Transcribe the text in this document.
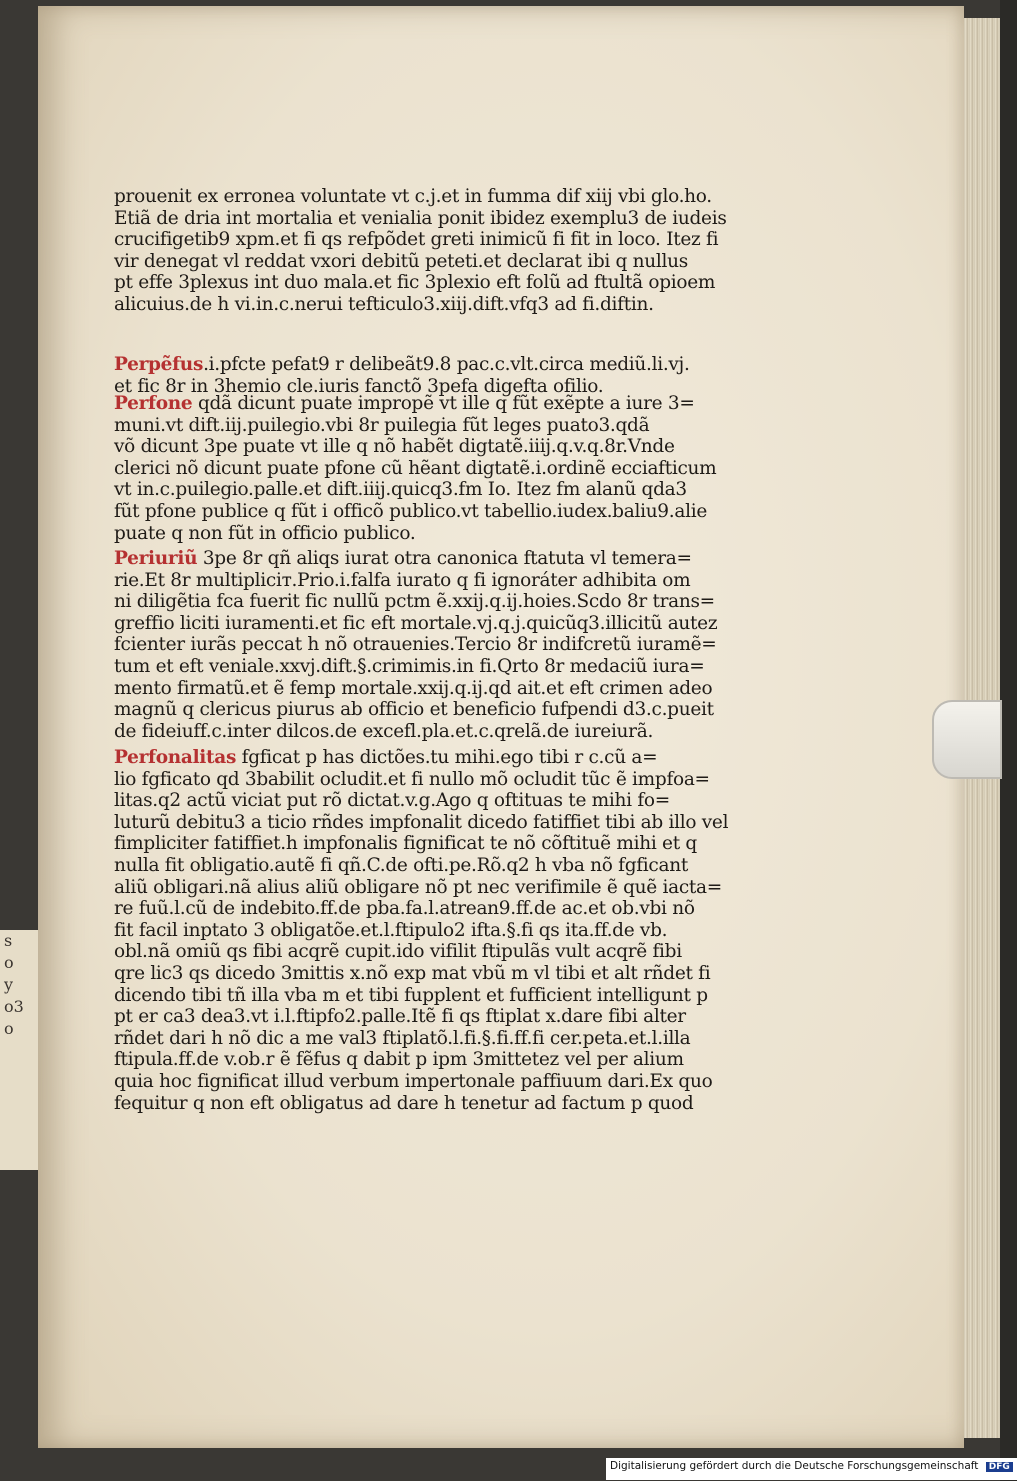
s
o
y
o3
o
prouenit ex erronea voluntate vt c.j.et in fumma dif xiij vbi glo.ho.
Etiã de dria int mortalia et venialia ponit ibidez exemplu3 de iudeis
crucifigetib9 xpm.et fi qs refpõdet greti inimicũ fi fit in loco. Itez fi
vir denegat vl reddat vxori debitũ peteti.et declarat ibi q nullus
pt effe 3plexus int duo mala.et fic 3plexio eft folũ ad ftultã opioem
alicuius.de h vi.in.c.nerui tefticulo3.xiij.dift.vfq3 ad fi.diftin.
Perpẽfus.i.pfcte pefat9 r delibeãt9.8 pac.c.vlt.circa mediũ.li.vj.
et fic 8r in 3hemio cle.iuris fanctõ 3pefa digefta ofilio.
Perfone qdã dicunt puate impropẽ vt ille q fũt exẽpte a iure 3=
muni.vt dift.iij.puilegio.vbi 8r puilegia fũt leges puato3.qdã
võ dicunt 3pe puate vt ille q nõ habẽt digtatẽ.iiij.q.v.q.8r.Vnde
clerici nõ dicunt puate pfone cũ hẽant digtatẽ.i.ordinẽ ecciafticum
vt in.c.puilegio.palle.et dift.iiij.quicq3.fm Io. Itez fm alanũ qda3
fũt pfone publice q fũt i officõ publico.vt tabellio.iudex.baliu9.alie
puate q non fũt in officio publico.
Periuriũ 3pe 8r qñ aliqs iurat otra canonica ftatuta vl temera=
rie.Et 8r multipliciт.Prio.i.falfa iurato q fi ignoráter adhibita om
ni diligẽtia fca fuerit fic nullũ pctm ẽ.xxij.q.ij.hoies.Scdo 8r trans=
greffio liciti iuramenti.et fic eft mortale.vj.q.j.quicũq3.illicitũ autez
fcienter iurãs peccat h nõ otrauenies.Tercio 8r indifcretũ iuramẽ=
tum et eft veniale.xxvj.dift.§.crimimis.in fi.Qrto 8r medaciũ iura=
mento firmatũ.et ẽ femp mortale.xxij.q.ij.qd ait.et eft crimen adeo
magnũ q clericus piurus ab officio et beneficio fufpendi d3.c.pueit
de fideiuff.c.inter dilcos.de excefl.pla.et.c.qrelã.de iureiurã.
Perfonalitas fgficat p has dictões.tu mihi.ego tibi r c.cũ a=
lio fgficato qd 3babilit ocludit.et fi nullo mõ ocludit tũc ẽ impfoa=
litas.q2 actũ viciat put rõ dictat.v.g.Ago q oftituas te mihi fo=
luturũ debitu3 a ticio rñdes impfonalit dicedo fatiffiet tibi ab illo vel
fimpliciter fatiffiet.h impfonalis fignificat te nõ cõftituẽ mihi et q
nulla fit obligatio.autẽ fi qñ.C.de ofti.pe.Rõ.q2 h vba nõ fgficant
aliũ obligari.nã alius aliũ obligare nõ pt nec verifimile ẽ quẽ iacta=
re fuũ.l.cũ de indebito.ff.de pba.fa.l.atrean9.ff.de ac.et ob.vbi nõ
fit facil inptato 3 obligatõe.et.l.ftipulo2 ifta.§.fi qs ita.ff.de vb.
obl.nã omiũ qs fibi acqrẽ cupit.ido vifilit ftipulãs vult acqrẽ fibi
qre lic3 qs dicedo 3mittis x.nõ exp mat vbũ m vl tibi et alt rñdet fi
dicendo tibi tñ illa vba m et tibi fupplent et fufficient intelligunt p
pt er ca3 dea3.vt i.l.ftipfo2.palle.Itẽ fi qs ftiplat x.dare fibi alter
rñdet dari h nõ dic a me val3 ftiplatõ.l.fi.§.fi.ff.fi cer.peta.et.l.illa
ftipula.ff.de v.ob.r ẽ fẽfus q dabit p ipm 3mittetez vel per alium
quia hoc fignificat illud verbum impertonale paffiuum dari.Ex quo
fequitur q non eft obligatus ad dare h tenetur ad factum p quod
Digitalisierung gefördert durch die Deutsche Forschungsgemeinschaft DFG
